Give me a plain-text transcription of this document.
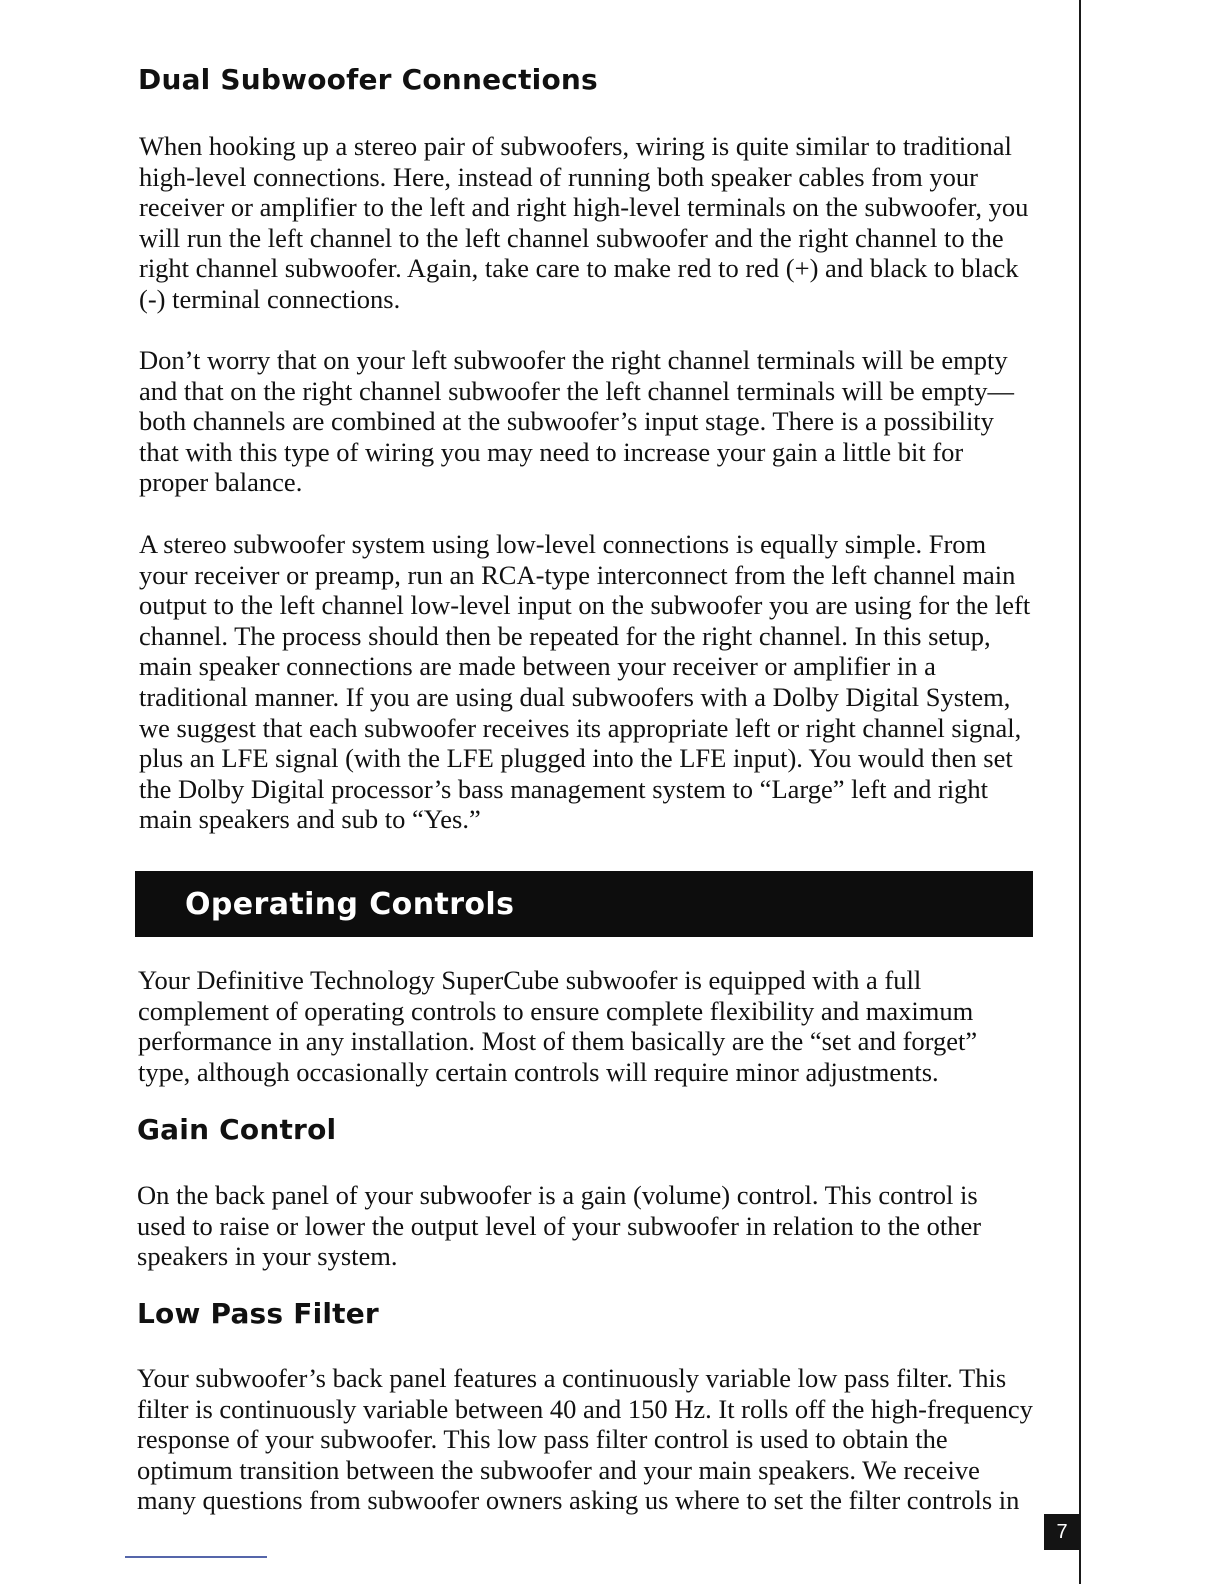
Dual Subwoofer Connections

When hooking up a stereo pair of subwoofers, wiring is quite similar to traditional high-level connections. Here, instead of running both speaker cables from your receiver or amplifier to the left and right high-level terminals on the subwoofer, you will run the left channel to the left channel subwoofer and the right channel to the right channel subwoofer. Again, take care to make red to red (+) and black to black (-) terminal connections.

Don’t worry that on your left subwoofer the right channel terminals will be empty and that on the right channel subwoofer the left channel terminals will be empty—both channels are combined at the subwoofer’s input stage. There is a possibility that with this type of wiring you may need to increase your gain a little bit for proper balance.

A stereo subwoofer system using low-level connections is equally simple. From your receiver or preamp, run an RCA-type interconnect from the left channel main output to the left channel low-level input on the subwoofer you are using for the left channel. The process should then be repeated for the right channel. In this setup, main speaker connections are made between your receiver or amplifier in a traditional manner. If you are using dual subwoofers with a Dolby Digital System, we suggest that each subwoofer receives its appropriate left or right channel signal, plus an LFE signal (with the LFE plugged into the LFE input). You would then set the Dolby Digital processor’s bass management system to “Large” left and right main speakers and sub to “Yes.”

Operating Controls

Your Definitive Technology SuperCube subwoofer is equipped with a full complement of operating controls to ensure complete flexibility and maximum performance in any installation. Most of them basically are the “set and forget” type, although occasionally certain controls will require minor adjustments.

Gain Control

On the back panel of your subwoofer is a gain (volume) control. This control is used to raise or lower the output level of your subwoofer in relation to the other speakers in your system.

Low Pass Filter

Your subwoofer’s back panel features a continuously variable low pass filter. This filter is continuously variable between 40 and 150 Hz. It rolls off the high-frequency response of your subwoofer. This low pass filter control is used to obtain the optimum transition between the subwoofer and your main speakers. We receive many questions from subwoofer owners asking us where to set the filter controls in

7
